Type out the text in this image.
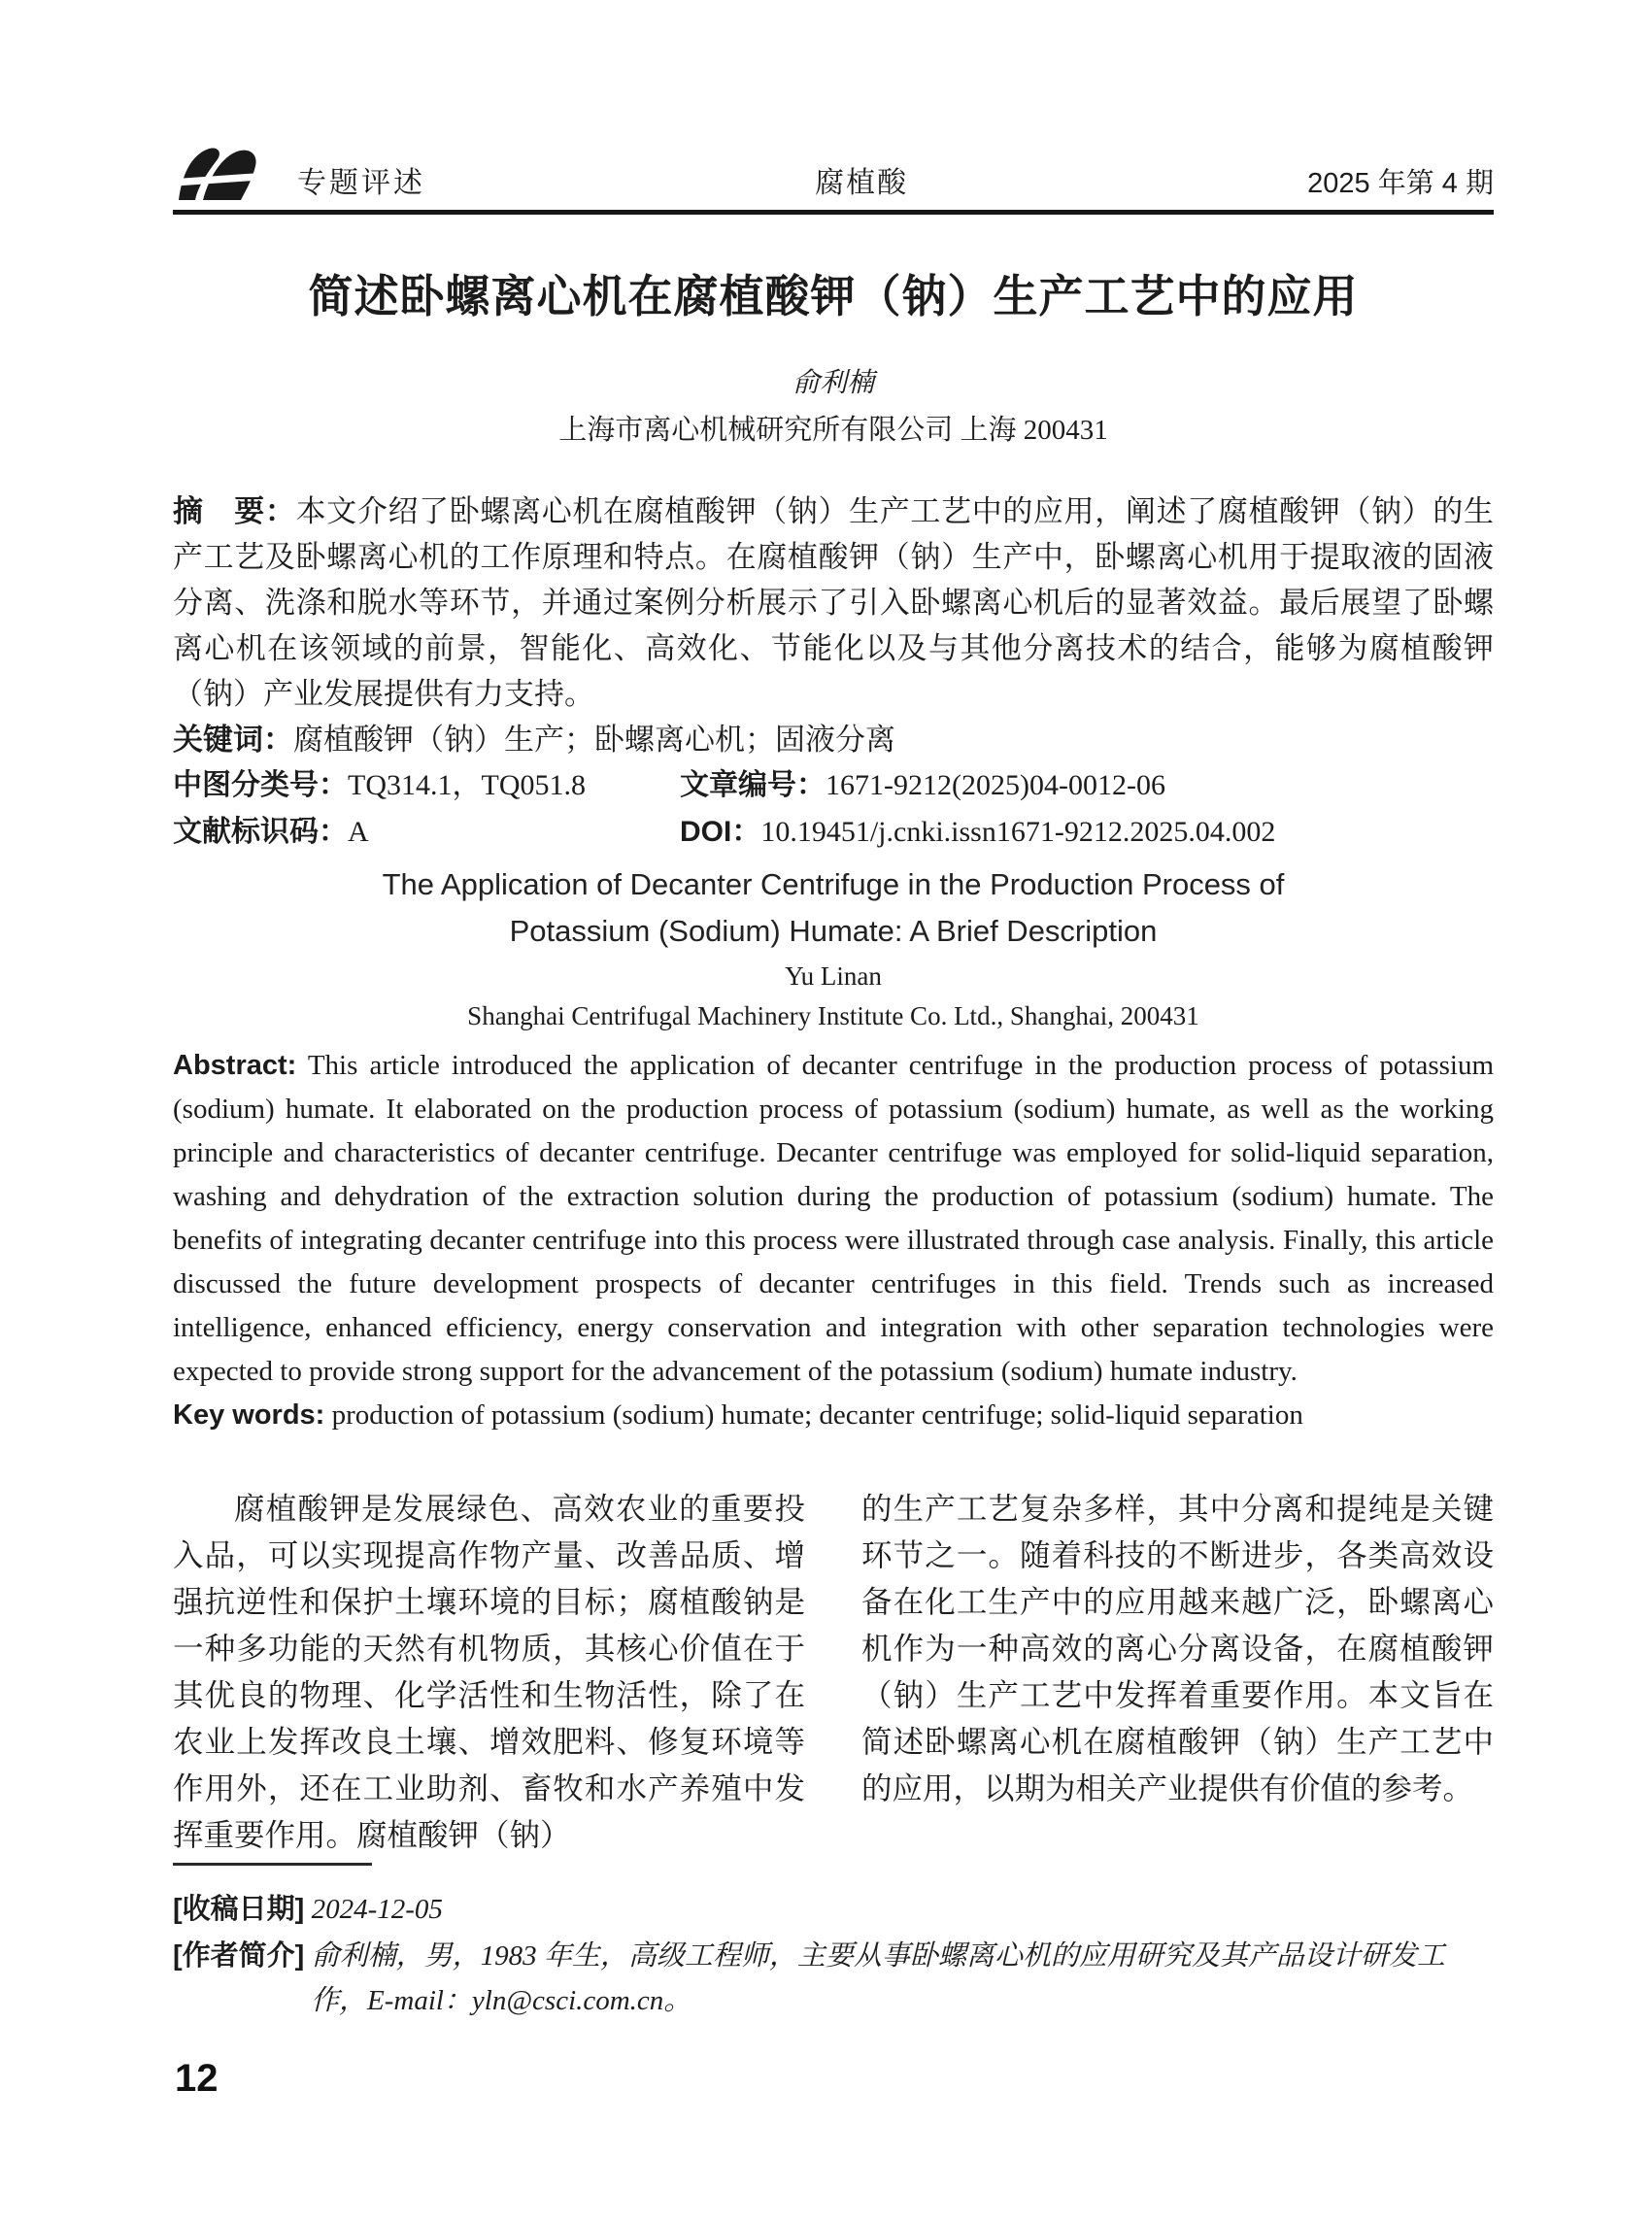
专题评述	腐植酸	2025 年第 4 期
简述卧螺离心机在腐植酸钾（钠）生产工艺中的应用
俞利楠
上海市离心机械研究所有限公司 上海 200431

摘　要：本文介绍了卧螺离心机在腐植酸钾（钠）生产工艺中的应用，阐述了腐植酸钾（钠）的生产工艺及卧螺离心机的工作原理和特点。在腐植酸钾（钠）生产中，卧螺离心机用于提取液的固液分离、洗涤和脱水等环节，并通过案例分析展示了引入卧螺离心机后的显著效益。最后展望了卧螺离心机在该领域的前景，智能化、高效化、节能化以及与其他分离技术的结合，能够为腐植酸钾（钠）产业发展提供有力支持。

关键词：腐植酸钾（钠）生产；卧螺离心机；固液分离
中图分类号：TQ314.1，TQ051.8	文章编号：1671-9212(2025)04-0012-06
文献标识码：A	DOI：10.19451/j.cnki.issn1671-9212.2025.04.002
The Application of Decanter Centrifuge in the Production Process of
Potassium (Sodium) Humate: A Brief Description
Yu Linan
Shanghai Centrifugal Machinery Institute Co. Ltd., Shanghai, 200431

Abstract: This article introduced the application of decanter centrifuge in the production process of potassium (sodium) humate. It elaborated on the production process of potassium (sodium) humate, as well as the working principle and characteristics of decanter centrifuge. Decanter centrifuge was employed for solid-liquid separation, washing and dehydration of the extraction solution during the production of potassium (sodium) humate. The benefits of integrating decanter centrifuge into this process were illustrated through case analysis. Finally, this article discussed the future development prospects of decanter centrifuges in this field. Trends such as increased intelligence, enhanced efficiency, energy conservation and integration with other separation technologies were expected to provide strong support for the advancement of the potassium (sodium) humate industry.

Key words: production of potassium (sodium) humate; decanter centrifuge; solid-liquid separation

腐植酸钾是发展绿色、高效农业的重要投入品，可以实现提高作物产量、改善品质、增强抗逆性和保护土壤环境的目标；腐植酸钠是一种多功能的天然有机物质，其核心价值在于其优良的物理、化学活性和生物活性，除了在农业上发挥改良土壤、增效肥料、修复环境等作用外，还在工业助剂、畜牧和水产养殖中发挥重要作用。腐植酸钾（钠）

的生产工艺复杂多样，其中分离和提纯是关键环节之一。随着科技的不断进步，各类高效设备在化工生产中的应用越来越广泛，卧螺离心机作为一种高效的离心分离设备，在腐植酸钾（钠）生产工艺中发挥着重要作用。本文旨在简述卧螺离心机在腐植酸钾（钠）生产工艺中的应用，以期为相关产业提供有价值的参考。

[收稿日期] 2024-12-05

[作者简介] 俞利楠，男，1983 年生，高级工程师，主要从事卧螺离心机的应用研究及其产品设计研发工作，E-mail：yln@csci.com.cn。

12
